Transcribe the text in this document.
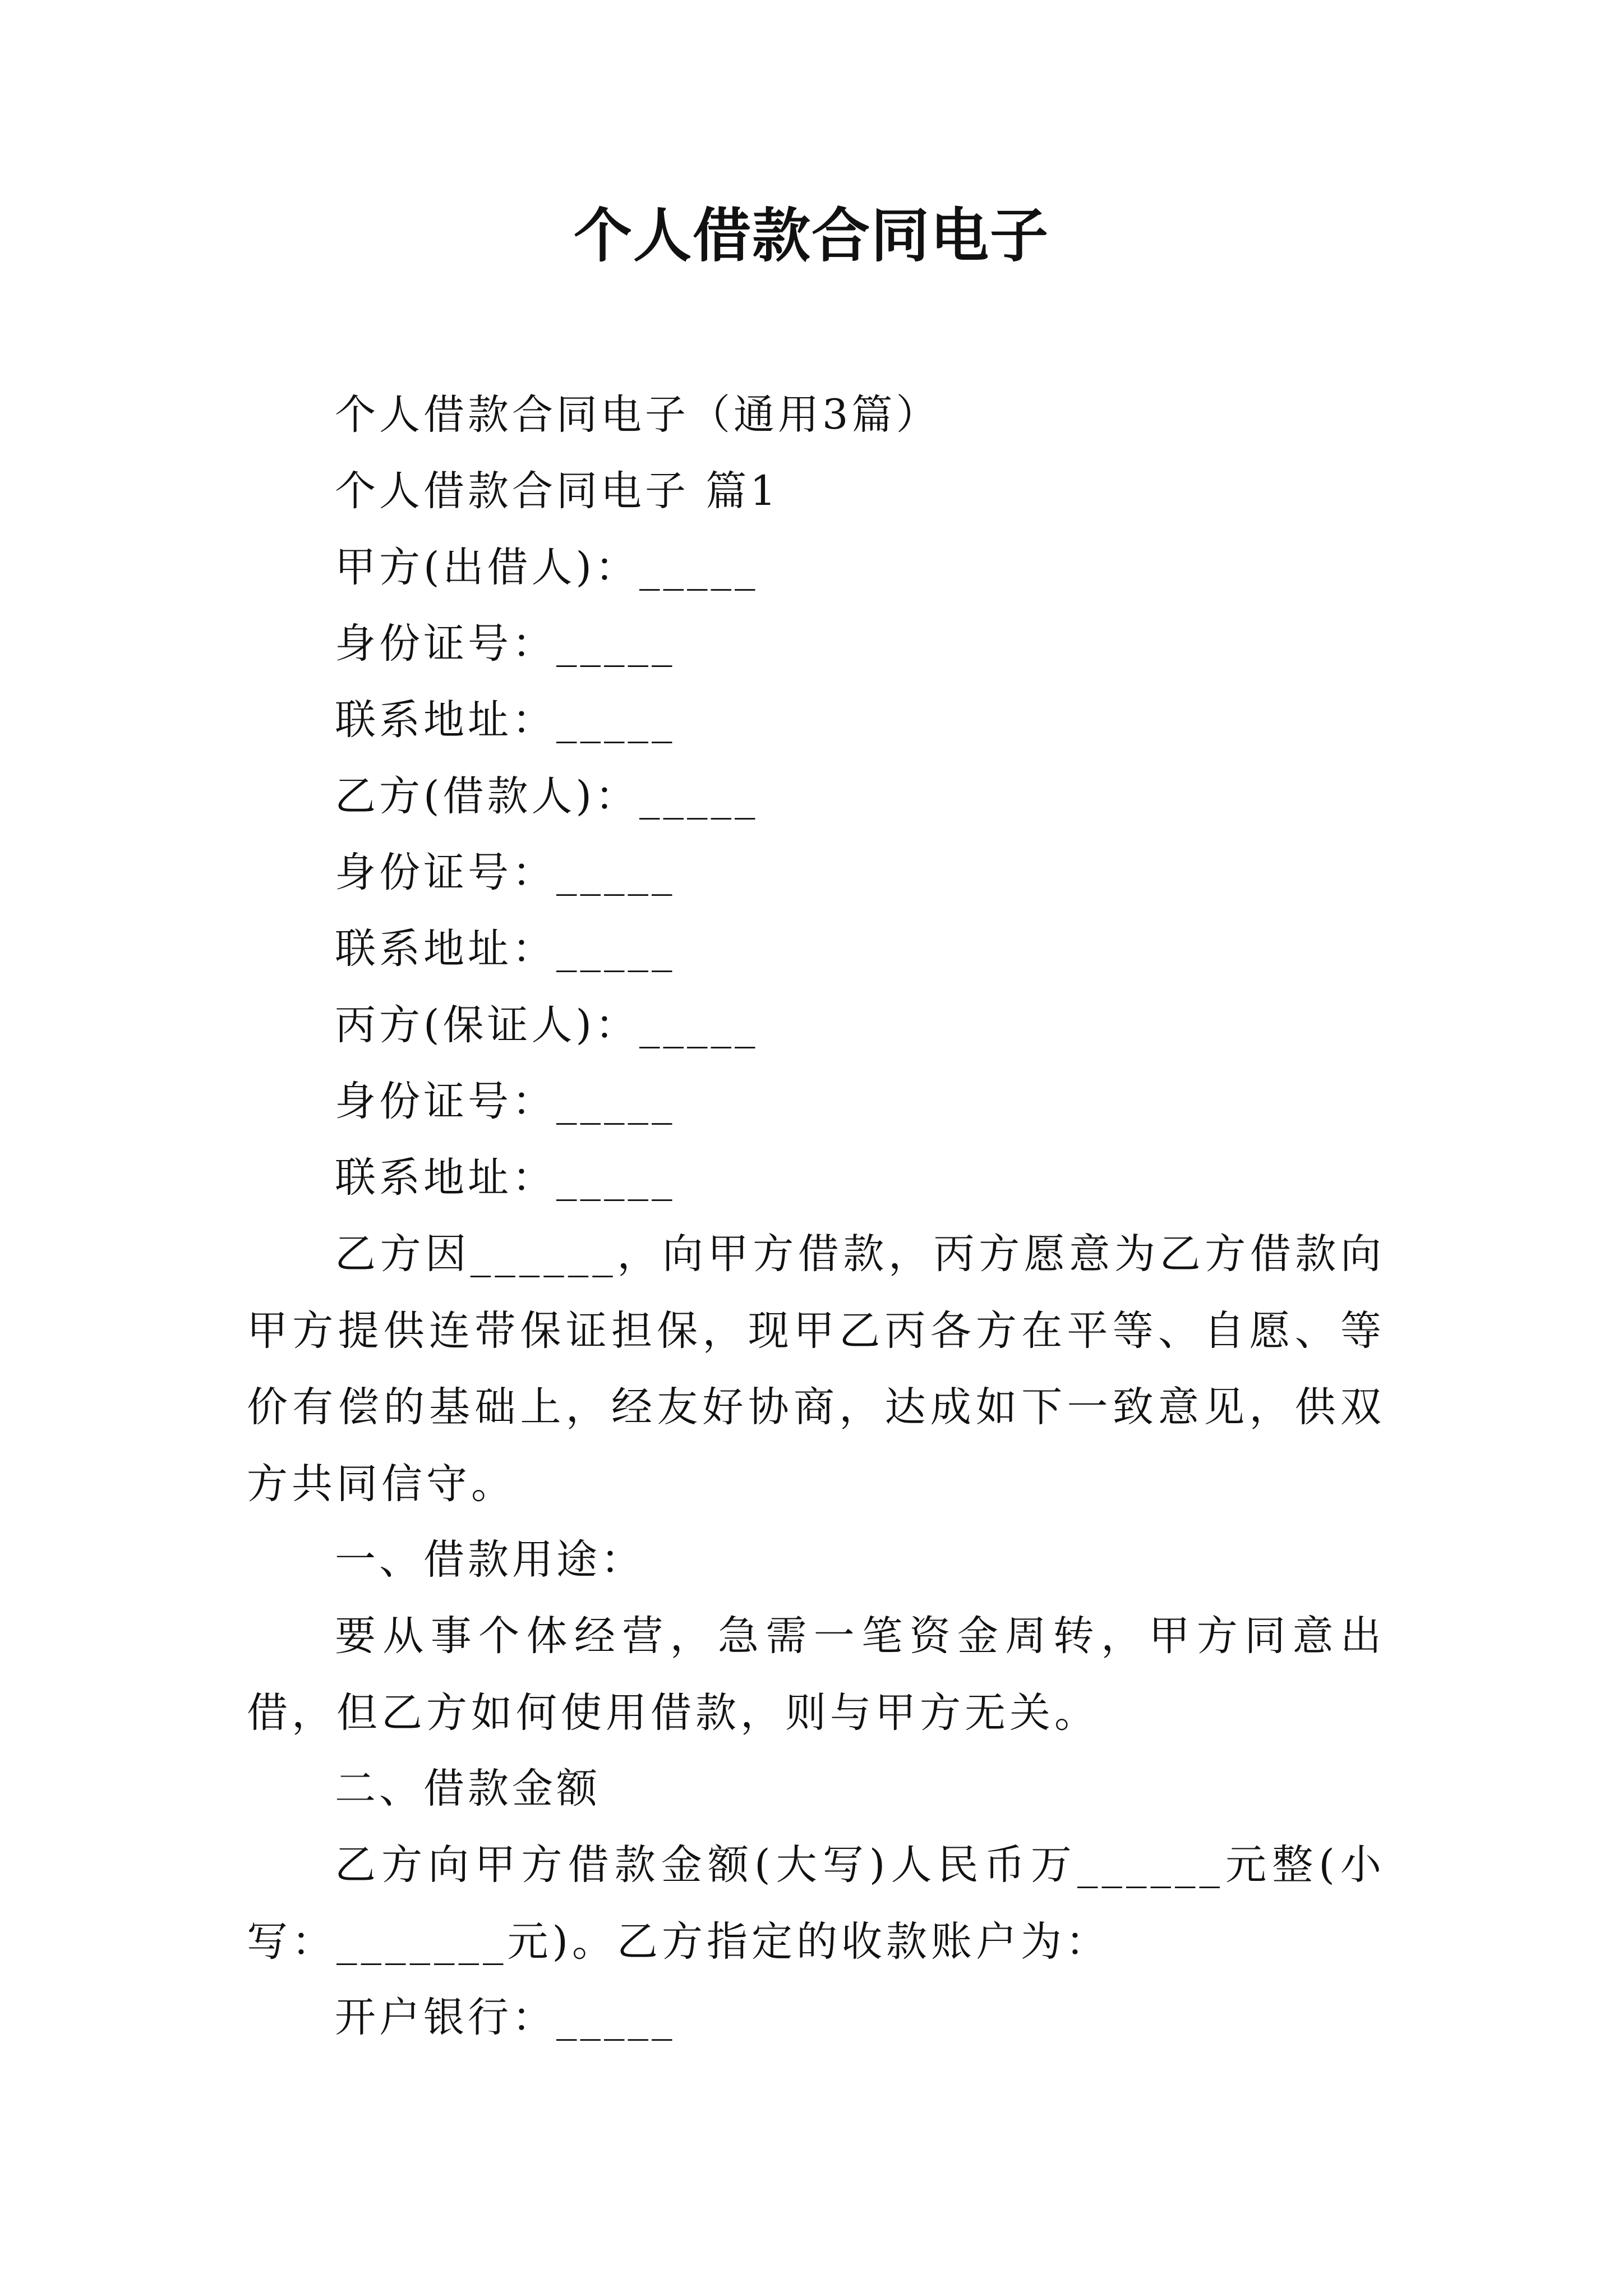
个人借款合同电子
个人借款合同电子（通用3篇）
个人借款合同电子 篇1
甲方(出借人)：_____
身份证号：_____
联系地址：_____
乙方(借款人)：_____
身份证号：_____
联系地址：_____
丙方(保证人)：_____
身份证号：_____
联系地址：_____

乙方因______，向甲方借款，丙方愿意为乙方借款向甲方提供连带保证担保，现甲乙丙各方在平等、自愿、等价有偿的基础上，经友好协商，达成如下一致意见，供双方共同信守。

一、借款用途：

要从事个体经营，急需一笔资金周转，甲方同意出借，但乙方如何使用借款，则与甲方无关。

二、借款金额

乙方向甲方借款金额(大写)人民币万______元整(小写：_______元)。乙方指定的收款账户为：

开户银行：_____
